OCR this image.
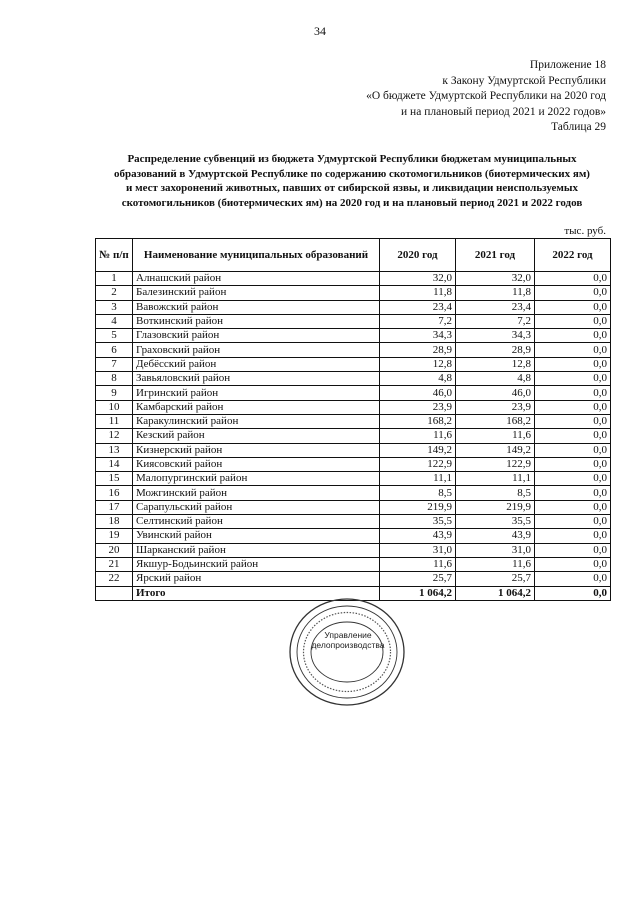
34
Приложение 18
к Закону Удмуртской Республики
«О бюджете Удмуртской Республики на 2020 год
и на плановый период 2021 и 2022 годов»
Таблица 29
Распределение субвенций из бюджета Удмуртской Республики бюджетам муниципальных
образований в Удмуртской Республике по содержанию скотомогильников (биотермических ям)
и мест захоронений животных, павших от сибирской язвы, и ликвидации неиспользуемых
скотомогильников (биотермических ям) на 2020 год и на плановый период 2021 и 2022 годов
тыс. руб.
№ п/п	Наименование муниципальных образований	2020 год	2021 год	2022 год
1	Алнашский район	32,0	32,0	0,0
2	Балезинский район	11,8	11,8	0,0
3	Вавожский район	23,4	23,4	0,0
4	Воткинский район	7,2	7,2	0,0
5	Глазовский район	34,3	34,3	0,0
6	Граховский район	28,9	28,9	0,0
7	Дебёсский район	12,8	12,8	0,0
8	Завьяловский район	4,8	4,8	0,0
9	Игринский район	46,0	46,0	0,0
10	Камбарский район	23,9	23,9	0,0
11	Каракулинский район	168,2	168,2	0,0
12	Кезский район	11,6	11,6	0,0
13	Кизнерский район	149,2	149,2	0,0
14	Киясовский район	122,9	122,9	0,0
15	Малопургинский район	11,1	11,1	0,0
16	Можгинский район	8,5	8,5	0,0
17	Сарапульский район	219,9	219,9	0,0
18	Селтинский район	35,5	35,5	0,0
19	Увинский район	43,9	43,9	0,0
20	Шарканский район	31,0	31,0	0,0
21	Якшур-Бодьинский район	11,6	11,6	0,0
22	Ярский район	25,7	25,7	0,0
	Итого	1 064,2	1 064,2	0,0
Управление
делопроизводства
